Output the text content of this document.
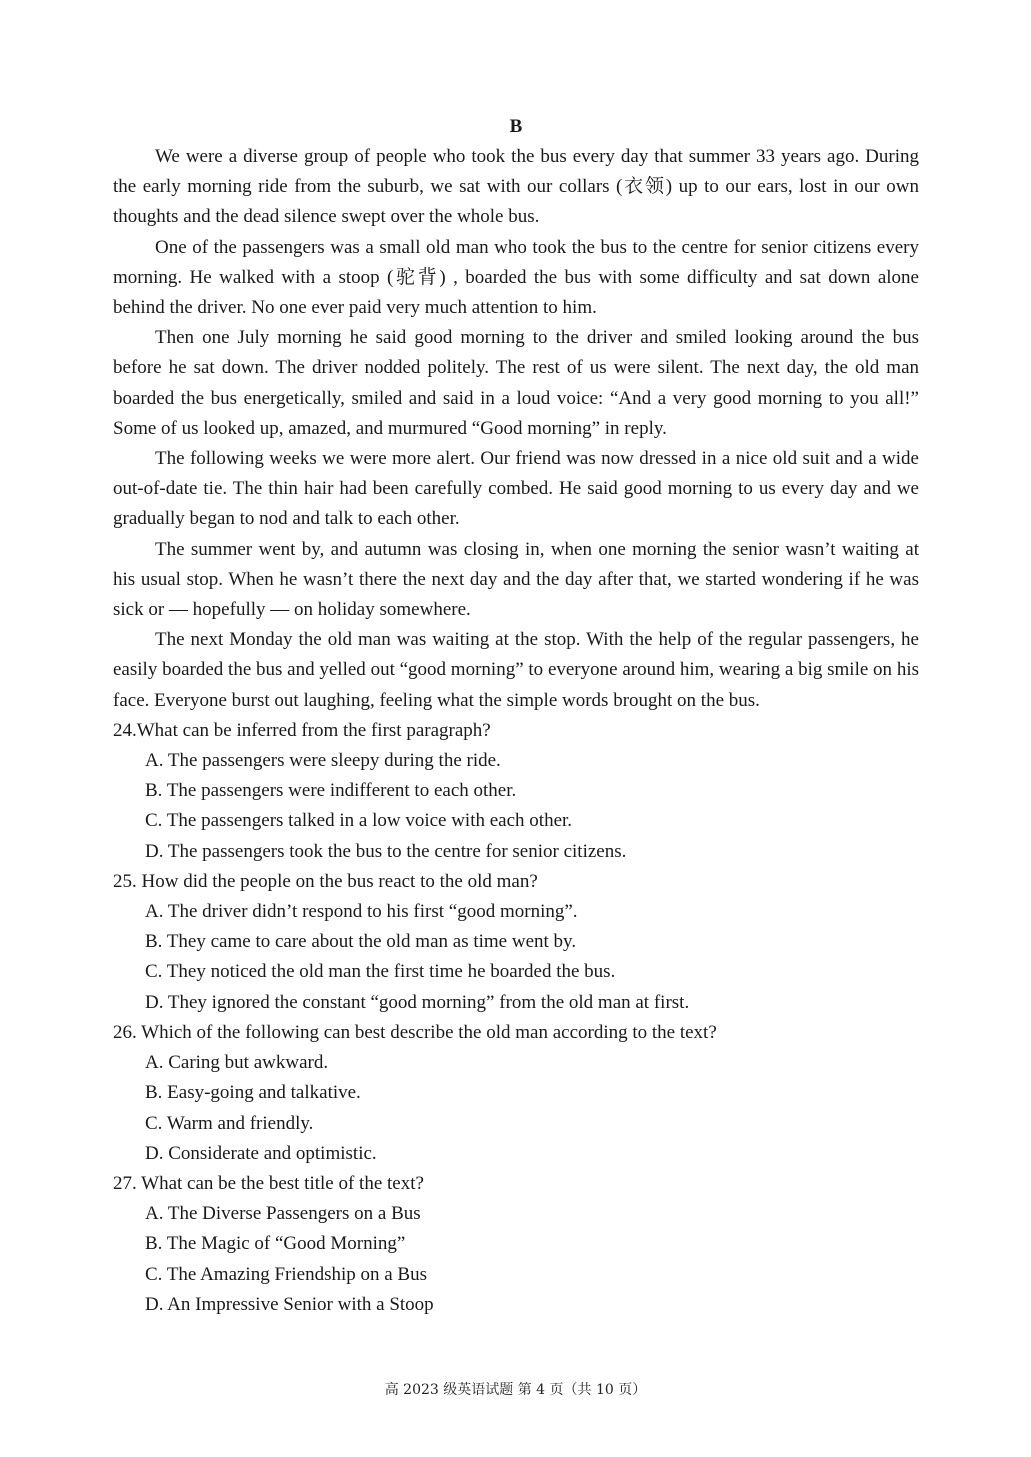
B

We were a diverse group of people who took the bus every day that summer 33 years ago. During the early morning ride from the suburb, we sat with our collars (衣领) up to our ears, lost in our own thoughts and the dead silence swept over the whole bus.

One of the passengers was a small old man who took the bus to the centre for senior citizens every morning. He walked with a stoop (驼背) , boarded the bus with some difficulty and sat down alone behind the driver. No one ever paid very much attention to him.

Then one July morning he said good morning to the driver and smiled looking around the bus before he sat down. The driver nodded politely. The rest of us were silent. The next day, the old man boarded the bus energetically, smiled and said in a loud voice: “And a very good morning to you all!” Some of us looked up, amazed, and murmured “Good morning” in reply.

The following weeks we were more alert. Our friend was now dressed in a nice old suit and a wide out-of-date tie. The thin hair had been carefully combed. He said good morning to us every day and we gradually began to nod and talk to each other.

The summer went by, and autumn was closing in, when one morning the senior wasn’t waiting at his usual stop. When he wasn’t there the next day and the day after that, we started wondering if he was sick or — hopefully — on holiday somewhere.

The next Monday the old man was waiting at the stop. With the help of the regular passengers, he easily boarded the bus and yelled out “good morning” to everyone around him, wearing a big smile on his face. Everyone burst out laughing, feeling what the simple words brought on the bus.

24.What can be inferred from the first paragraph?

A. The passengers were sleepy during the ride.

B. The passengers were indifferent to each other.

C. The passengers talked in a low voice with each other.

D. The passengers took the bus to the centre for senior citizens.

25. How did the people on the bus react to the old man?

A. The driver didn’t respond to his first “good morning”.

B. They came to care about the old man as time went by.

C. They noticed the old man the first time he boarded the bus.

D. They ignored the constant “good morning” from the old man at first.

26. Which of the following can best describe the old man according to the text?

A. Caring but awkward.

B. Easy-going and talkative.

C. Warm and friendly.

D. Considerate and optimistic.

27. What can be the best title of the text?

A. The Diverse Passengers on a Bus

B. The Magic of “Good Morning”

C. The Amazing Friendship on a Bus

D. An Impressive Senior with a Stoop

高 2023 级英语试题 第 4 页（共 10 页）
